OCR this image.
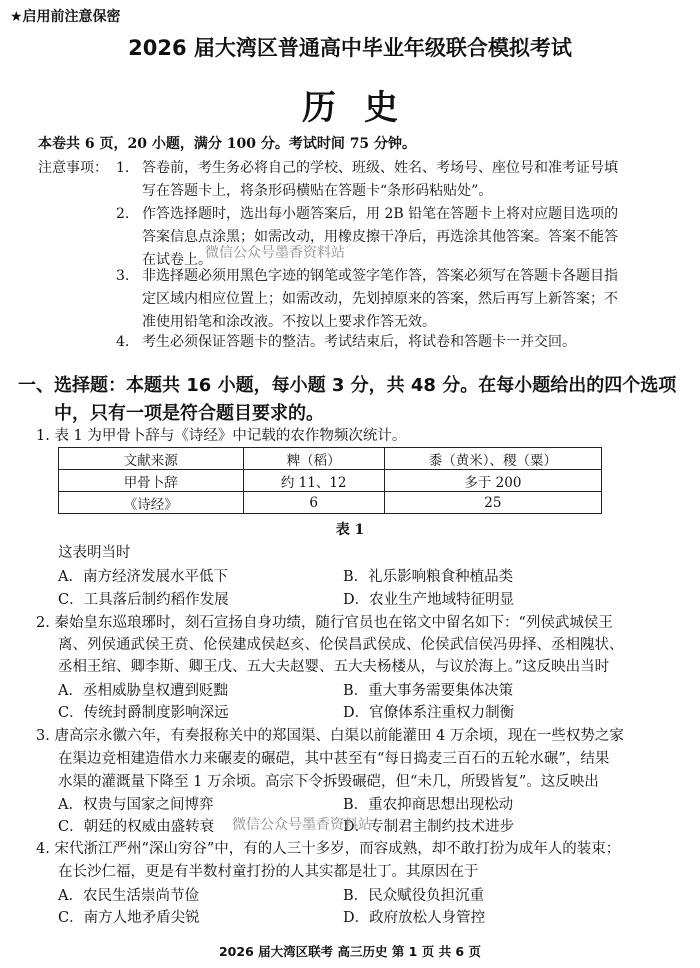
★启用前注意保密
2026 届大湾区普通高中毕业年级联合模拟考试
历史
本卷共 6 页，20 小题，满分 100 分。考试时间 75 分钟。
注意事项： 1. 答卷前，考生务必将自己的学校、班级、姓名、考场号、座位号和准考证号填
写在答题卡上，将条形码横贴在答题卡“条形码粘贴处”。
2. 作答选择题时，选出每小题答案后，用 2B 铅笔在答题卡上将对应题目选项的
答案信息点涂黑；如需改动，用橡皮擦干净后，再选涂其他答案。答案不能答
在试卷上。
微信公众号墨香资料站
3. 非选择题必须用黑色字迹的钢笔或签字笔作答，答案必须写在答题卡各题目指
定区域内相应位置上；如需改动，先划掉原来的答案，然后再写上新答案；不
准使用铅笔和涂改液。不按以上要求作答无效。
4. 考生必须保证答题卡的整洁。考试结束后，将试卷和答题卡一并交回。
一、选择题：本题共 16 小题，每小题 3 分，共 48 分。在每小题给出的四个选项
中，只有一项是符合题目要求的。
1. 表 1 为甲骨卜辞与《诗经》中记载的农作物频次统计。
文献来源	粺（稻）	黍（黄米）、稷（粟）
甲骨卜辞	约 11、12	多于 200
《诗经》	6	25
表 1
这表明当时
A．南方经济发展水平低下	B．礼乐影响粮食种植品类
C．工具落后制约稻作发展	D．农业生产地域特征明显
2. 秦始皇东巡琅琊时，刻石宣扬自身功绩，随行官员也在铭文中留名如下：“列侯武城侯王
离、列侯通武侯王贲、伦侯建成侯赵亥、伦侯昌武侯成、伦侯武信侯冯毋择、丞相隗状、
丞相王绾、卿李斯、卿王戊、五大夫赵婴、五大夫杨楼从，与议於海上。”这反映出当时
A．丞相威胁皇权遭到贬黜	B．重大事务需要集体决策
C．传统封爵制度影响深远	D．官僚体系注重权力制衡
3. 唐高宗永徽六年，有奏报称关中的郑国渠、白渠以前能灌田 4 万余顷，现在一些权势之家
在渠边竞相建造借水力来碾麦的碾硙，其中甚至有“每日捣麦三百石的五轮水碾”，结果
水渠的灌溉量下降至 1 万余顷。高宗下令拆毁碾硙，但“未几，所毁皆复”。这反映出
A．权贵与国家之间博弈	B．重农抑商思想出现松动
C．朝廷的权威由盛转衰	D．专制君主制约技术进步
微信公众号墨香资料站
4. 宋代浙江严州“深山穷谷”中，有的人三十多岁，而容成熟，却不敢打扮为成年人的装束；
在长沙仁福，更是有半数村童打扮的人其实都是壮丁。其原因在于
A．农民生活崇尚节俭	B．民众赋役负担沉重
C．南方人地矛盾尖锐	D．政府放松人身管控
2026 届大湾区联考 高三历史 第 1 页 共 6 页
